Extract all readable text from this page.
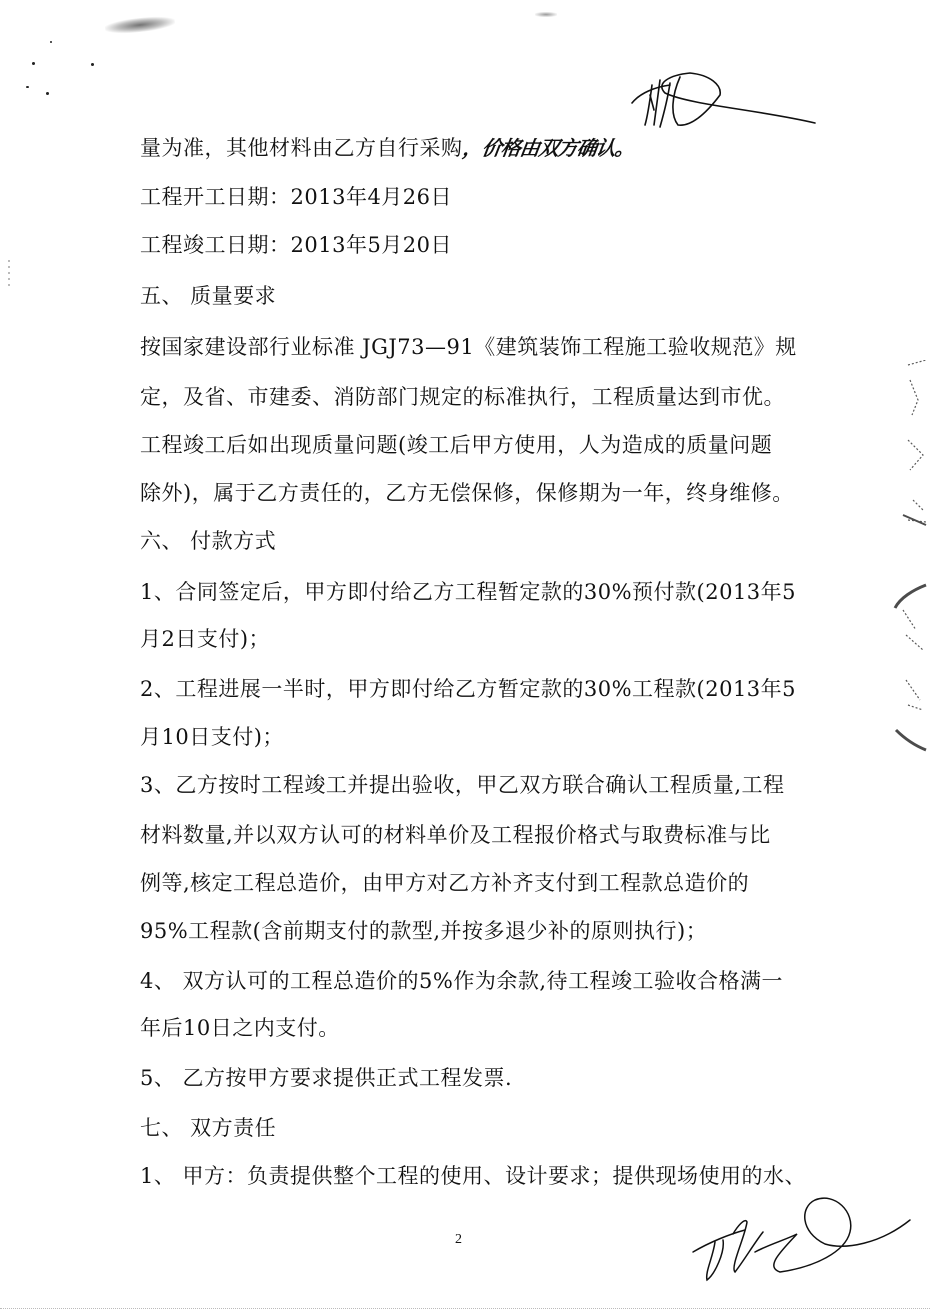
量为准，其他材料由乙方自行采购，价格由双方确认。
工程开工日期：2013年4月26日
工程竣工日期：2013年5月20日
五、 质量要求
按国家建设部行业标准 JGJ73—91《建筑装饰工程施工验收规范》规
定，及省、市建委、消防部门规定的标准执行，工程质量达到市优。
工程竣工后如出现质量问题(竣工后甲方使用，人为造成的质量问题
除外)，属于乙方责任的，乙方无偿保修，保修期为一年，终身维修。
六、 付款方式
1、合同签定后，甲方即付给乙方工程暂定款的30%预付款(2013年5
月2日支付)；
2、工程进展一半时，甲方即付给乙方暂定款的30%工程款(2013年5
月10日支付)；
3、乙方按时工程竣工并提出验收，甲乙双方联合确认工程质量,工程
材料数量,并以双方认可的材料单价及工程报价格式与取费标准与比
例等,核定工程总造价，由甲方对乙方补齐支付到工程款总造价的
95%工程款(含前期支付的款型,并按多退少补的原则执行)；
4、 双方认可的工程总造价的5%作为余款,待工程竣工验收合格满一
年后10日之内支付。
5、 乙方按甲方要求提供正式工程发票.
七、 双方责任
1、 甲方：负责提供整个工程的使用、设计要求；提供现场使用的水、
2
